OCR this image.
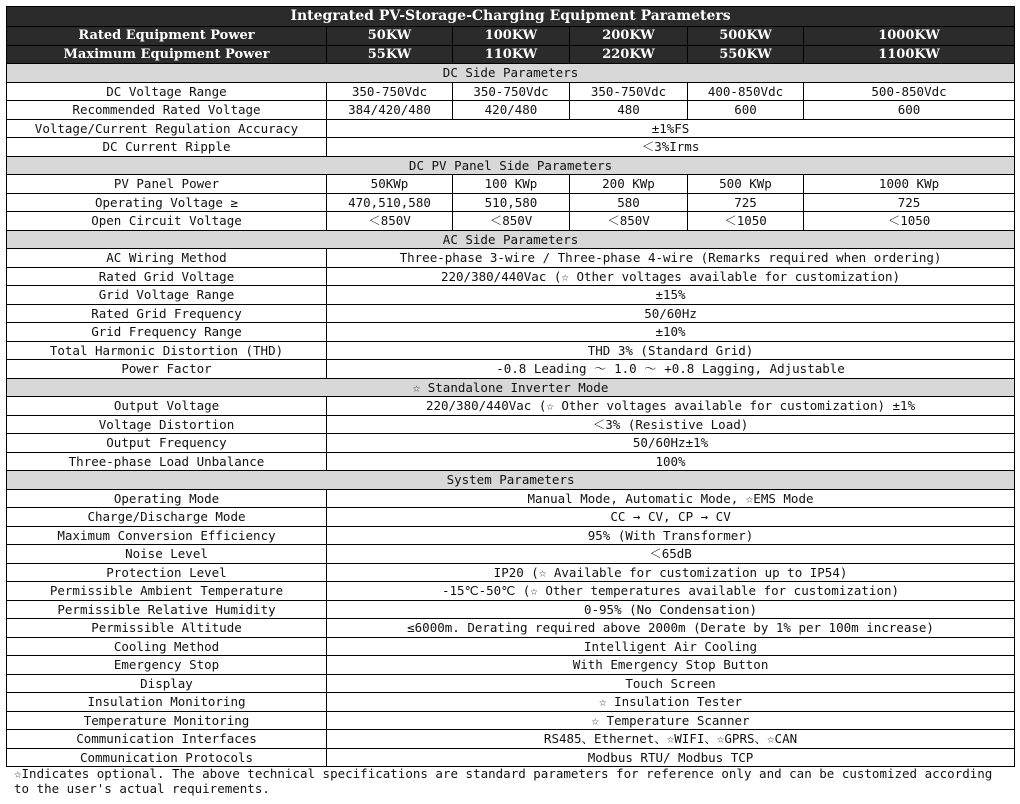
Integrated PV-Storage-Charging Equipment Parameters					
Rated Equipment Power	50KW	100KW	200KW	500KW	1000KW
Maximum Equipment Power	55KW	110KW	220KW	550KW	1100KW
DC Side Parameters					
DC Voltage Range	350-750Vdc	350-750Vdc	350-750Vdc	400-850Vdc	500-850Vdc
Recommended Rated Voltage	384/420/480	420/480	480	600	600
Voltage/Current Regulation Accuracy	±1%FS				
DC Current Ripple	＜3%Irms				
DC PV Panel Side Parameters					
PV Panel Power	50KWp	100 KWp	200 KWp	500 KWp	1000 KWp
Operating Voltage ≥	470,510,580	510,580	580	725	725
Open Circuit Voltage	＜850V	＜850V	＜850V	＜1050	＜1050
AC Side Parameters					
AC Wiring Method	Three-phase 3-wire / Three-phase 4-wire (Remarks required when ordering)				
Rated Grid Voltage	220/380/440Vac (☆ Other voltages available for customization)				
Grid Voltage Range	±15%				
Rated Grid Frequency	50/60Hz				
Grid Frequency Range	±10%				
Total Harmonic Distortion (THD)	THD 3% (Standard Grid)				
Power Factor	-0.8 Leading ～ 1.0 ～ +0.8 Lagging, Adjustable				
☆ Standalone Inverter Mode					
Output Voltage	220/380/440Vac (☆ Other voltages available for customization) ±1%				
Voltage Distortion	＜3% (Resistive Load)				
Output Frequency	50/60Hz±1%				
Three-phase Load Unbalance	100%				
System Parameters					
Operating Mode	Manual Mode, Automatic Mode, ☆EMS Mode				
Charge/Discharge Mode	CC → CV, CP → CV				
Maximum Conversion Efficiency	95% (With Transformer)				
Noise Level	＜65dB				
Protection Level	IP20 (☆ Available for customization up to IP54)				
Permissible Ambient Temperature	-15℃-50℃ (☆ Other temperatures available for customization)				
Permissible Relative Humidity	0-95% (No Condensation)				
Permissible Altitude	≤6000m. Derating required above 2000m (Derate by 1% per 100m increase)				
Cooling Method	Intelligent Air Cooling				
Emergency Stop	With Emergency Stop Button				
Display	Touch Screen				
Insulation Monitoring	☆ Insulation Tester				
Temperature Monitoring	☆ Temperature Scanner				
Communication Interfaces	RS485、Ethernet、☆WIFI、☆GPRS、☆CAN				
Communication Protocols	Modbus RTU/ Modbus TCP				
☆Indicates optional. The above technical specifications are standard parameters for reference only and can be customized according to the user's actual requirements.
